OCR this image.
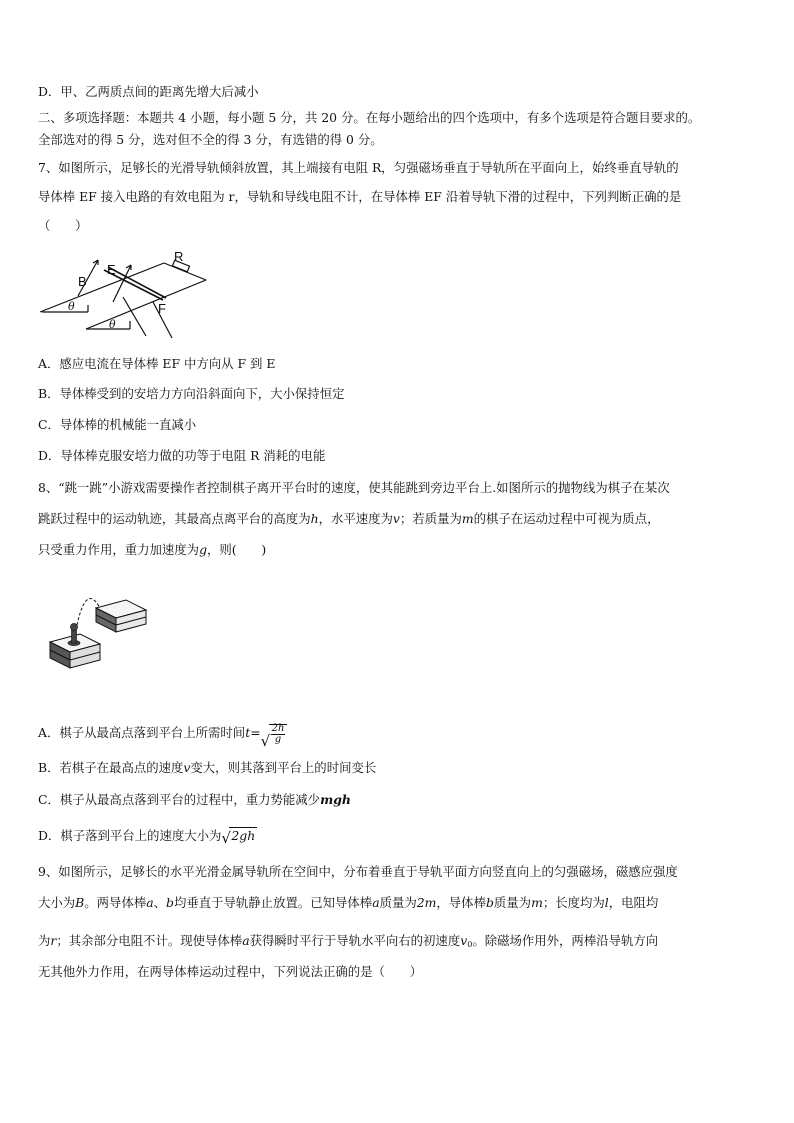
D．甲、乙两质点间的距离先增大后减小
二、多项选择题：本题共 4 小题，每小题 5 分，共 20 分。在每小题给出的四个选项中，有多个选项是符合题目要求的。
全部选对的得 5 分，选对但不全的得 3 分，有选错的得 0 分。
7、如图所示，足够长的光滑导轨倾斜放置，其上端接有电阻 R，匀强磁场垂直于导轨所在平面向上，始终垂直导轨的
导体棒 EF 接入电路的有效电阻为 r，导轨和导线电阻不计，在导体棒 EF 沿着导轨下滑的过程中，下列判断正确的是
（　　）
B
E
R
F
θ
θ
A．感应电流在导体棒 EF 中方向从 F 到 E
B．导体棒受到的安培力方向沿斜面向下，大小保持恒定
C．导体棒的机械能一直减小
D．导体棒克服安培力做的功等于电阻 R 消耗的电能
8、“跳一跳”小游戏需要操作者控制棋子离开平台时的速度，使其能跳到旁边平台上.如图所示的抛物线为棋子在某次
跳跃过程中的运动轨迹，其最高点离平台的高度为h，水平速度为v；若质量为m的棋子在运动过程中可视为质点，
只受重力作用，重力加速度为g，则(　　)
A．棋子从最高点落到平台上所需时间t= √ $\frac{2h}{g}$
B．若棋子在最高点的速度v变大，则其落到平台上的时间变长
C．棋子从最高点落到平台的过程中，重力势能减少mgh
D．棋子落到平台上的速度大小为 √ 2gh
9、如图所示，足够长的水平光滑金属导轨所在空间中，分布着垂直于导轨平面方向竖直向上的匀强磁场，磁感应强度
大小为B。两导体棒a、b均垂直于导轨静止放置。已知导体棒a质量为2m，导体棒b质量为m；长度均为l，电阻均
为r；其余部分电阻不计。现使导体棒a获得瞬时平行于导轨水平向右的初速度$v_0$。除磁场作用外，两棒沿导轨方向
无其他外力作用，在两导体棒运动过程中，下列说法正确的是（　　）
